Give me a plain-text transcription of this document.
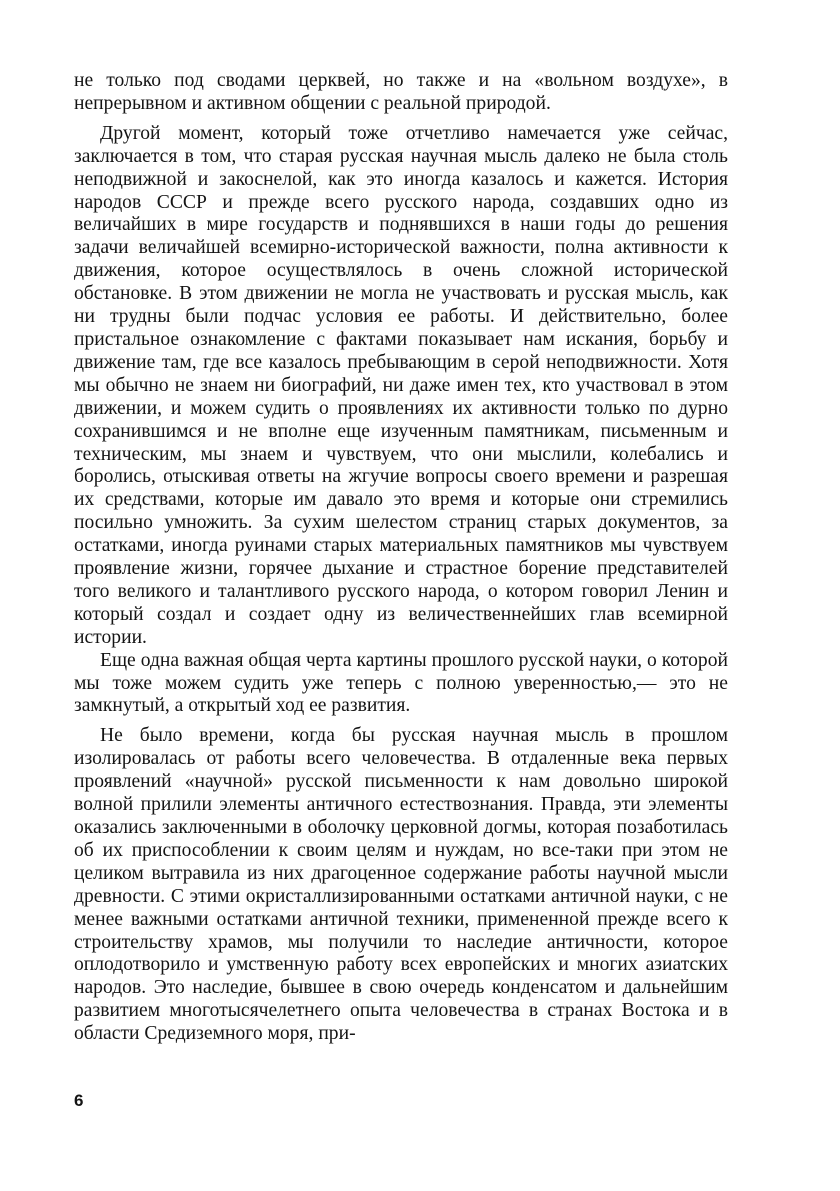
не только под сводами церквей, но также и на «вольном воздухе», в непрерывном и активном общении с реальной природой.

Другой момент, который тоже отчетливо намечается уже сейчас, заключается в том, что старая русская научная мысль далеко не была столь неподвижной и закоснелой, как это иногда казалось и кажется. История народов СССР и прежде всего русского народа, создавших одно из величайших в мире государств и поднявшихся в наши годы до решения задачи величайшей всемирно-исторической важности, полна активности к движения, которое осуществлялось в очень сложной исторической обстановке. В этом движении не могла не участвовать и русская мысль, как ни трудны были подчас условия ее работы. И действительно, более пристальное ознакомление с фактами показывает нам искания, борьбу и движение там, где все казалось пребывающим в серой неподвижности. Хотя мы обычно не знаем ни биографий, ни даже имен тех, кто участвовал в этом движении, и можем судить о проявлениях их активности только по дурно сохранившимся и не вполне еще изученным памятникам, письменным и техническим, мы знаем и чувствуем, что они мыслили, колебались и боролись, отыскивая ответы на жгучие вопросы своего времени и разрешая их средствами, которые им давало это время и которые они стремились посильно умножить. За сухим шелестом страниц старых документов, за остатками, иногда руинами старых материальных памятников мы чувствуем проявление жизни, горячее дыхание и страстное борение представителей того великого и талантливого русского народа, о котором говорил Ленин и который создал и создает одну из величественнейших глав всемирной истории.

Еще одна важная общая черта картины прошлого русской науки, о которой мы тоже можем судить уже теперь с полною уверенностью,— это не замкнутый, а открытый ход ее развития.

Не было времени, когда бы русская научная мысль в прошлом изолировалась от работы всего человечества. В отдаленные века первых проявлений «научной» русской письменности к нам довольно широкой волной прилили элементы античного естествознания. Правда, эти элементы оказались заключенными в оболочку церковной догмы, которая позаботилась об их приспособлении к своим целям и нуждам, но все-таки при этом не целиком вытравила из них драгоценное содержание работы научной мысли древности. С этими окристаллизированными остатками античной науки, с не менее важными остатками античной техники, примененной прежде всего к строительству храмов, мы получили то наследие античности, которое оплодотворило и умственную работу всех европейских и многих азиатских народов. Это наследие, бывшее в свою очередь конденсатом и дальнейшим развитием многотысячелетнего опыта человечества в странах Востока и в области Средиземного моря, при-

6
